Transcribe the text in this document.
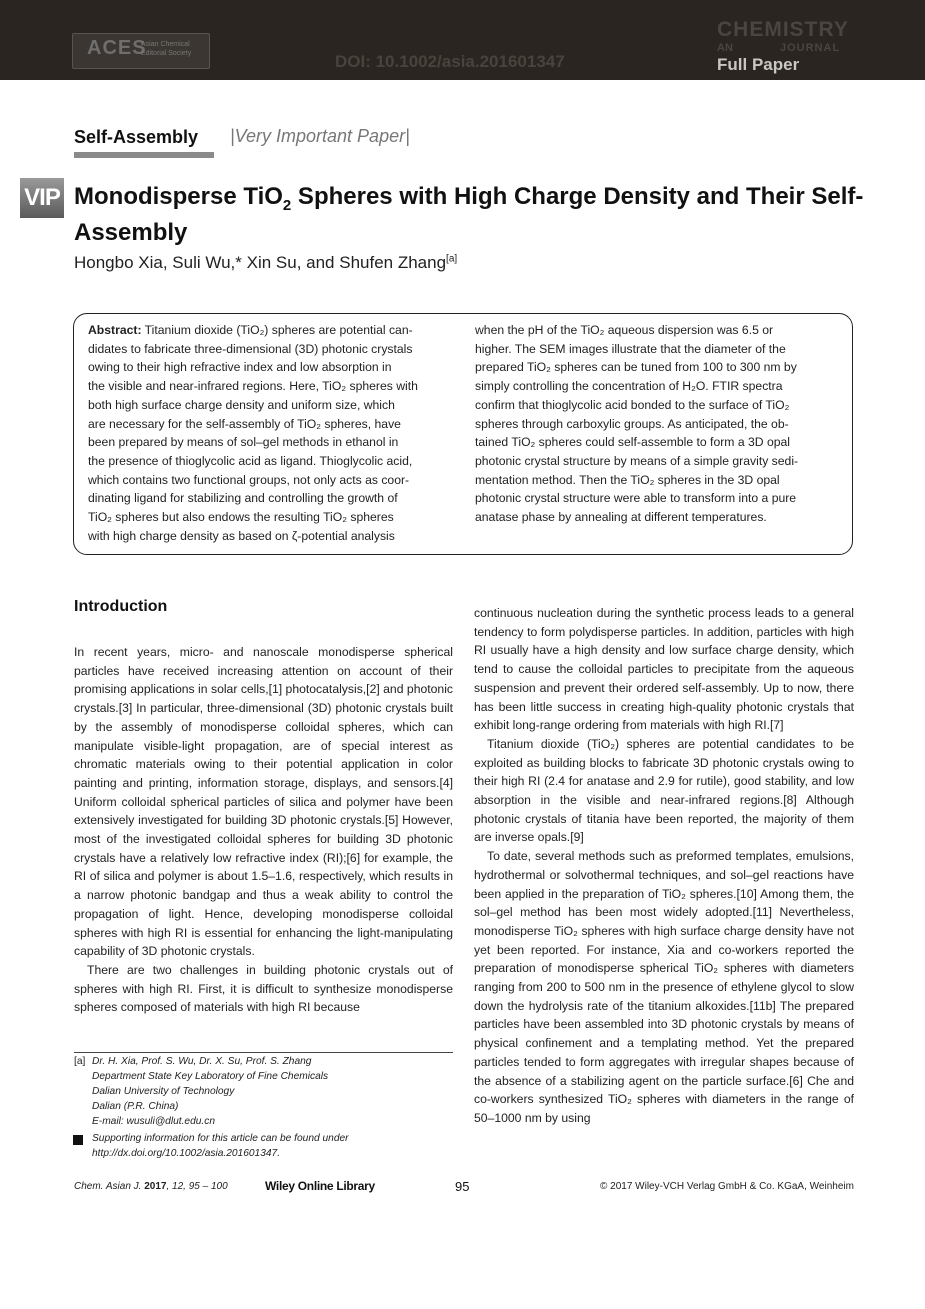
ACES
Asian Chemical Editorial Society	DOI: 10.1002/asia.201601347
CHEMISTRY
AN	JOURNAL
Full Paper
Self-Assembly |Very Important Paper|
VIP Monodisperse TiO$_2$ Spheres with High Charge Density and Their Self-Assembly
Hongbo Xia, Suli Wu,* Xin Su, and Shufen Zhang[a]
Abstract: Titanium dioxide (TiO₂) spheres are potential can-
didates to fabricate three-dimensional (3D) photonic crystals
owing to their high refractive index and low absorption in
the visible and near-infrared regions. Here, TiO₂ spheres with
both high surface charge density and uniform size, which
are necessary for the self-assembly of TiO₂ spheres, have
been prepared by means of sol–gel methods in ethanol in
the presence of thioglycolic acid as ligand. Thioglycolic acid,
which contains two functional groups, not only acts as coor-
dinating ligand for stabilizing and controlling the growth of
TiO₂ spheres but also endows the resulting TiO₂ spheres
with high charge density as based on ζ-potential analysis
when the pH of the TiO₂ aqueous dispersion was 6.5 or
higher. The SEM images illustrate that the diameter of the
prepared TiO₂ spheres can be tuned from 100 to 300 nm by
simply controlling the concentration of H₂O. FTIR spectra
confirm that thioglycolic acid bonded to the surface of TiO₂
spheres through carboxylic groups. As anticipated, the ob-
tained TiO₂ spheres could self-assemble to form a 3D opal
photonic crystal structure by means of a simple gravity sedi-
mentation method. Then the TiO₂ spheres in the 3D opal
photonic crystal structure were able to transform into a pure
anatase phase by annealing at different temperatures.
Introduction

In recent years, micro- and nanoscale monodisperse spherical particles have received increasing attention on account of their promising applications in solar cells,[1] photocatalysis,[2] and photonic crystals.[3] In particular, three-dimensional (3D) photonic crystals built by the assembly of monodisperse colloidal spheres, which can manipulate visible-light propagation, are of special interest as chromatic materials owing to their potential application in color painting and printing, information storage, displays, and sensors.[4] Uniform colloidal spherical particles of silica and polymer have been extensively investigated for building 3D photonic crystals.[5] However, most of the investigated colloidal spheres for building 3D photonic crystals have a relatively low refractive index (RI);[6] for example, the RI of silica and polymer is about 1.5–1.6, respectively, which results in a narrow photonic bandgap and thus a weak ability to control the propagation of light. Hence, developing monodisperse colloidal spheres with high RI is essential for enhancing the light-manipulating capability of 3D photonic crystals.

There are two challenges in building photonic crystals out of spheres with high RI. First, it is difficult to synthesize monodisperse spheres composed of materials with high RI because

continuous nucleation during the synthetic process leads to a general tendency to form polydisperse particles. In addition, particles with high RI usually have a high density and low surface charge density, which tend to cause the colloidal particles to precipitate from the aqueous suspension and prevent their ordered self-assembly. Up to now, there has been little success in creating high-quality photonic crystals that exhibit long-range ordering from materials with high RI.[7]

Titanium dioxide (TiO₂) spheres are potential candidates to be exploited as building blocks to fabricate 3D photonic crystals owing to their high RI (2.4 for anatase and 2.9 for rutile), good stability, and low absorption in the visible and near-infrared regions.[8] Although photonic crystals of titania have been reported, the majority of them are inverse opals.[9]

To date, several methods such as preformed templates, emulsions, hydrothermal or solvothermal techniques, and sol–gel reactions have been applied in the preparation of TiO₂ spheres.[10] Among them, the sol–gel method has been most widely adopted.[11] Nevertheless, monodisperse TiO₂ spheres with high surface charge density have not yet been reported. For instance, Xia and co-workers reported the preparation of monodisperse spherical TiO₂ spheres with diameters ranging from 200 to 500 nm in the presence of ethylene glycol to slow down the hydrolysis rate of the titanium alkoxides.[11b] The prepared particles have been assembled into 3D photonic crystals by means of physical confinement and a templating method. Yet the prepared particles tended to form aggregates with irregular shapes because of the absence of a stabilizing agent on the particle surface.[6] Che and co-workers synthesized TiO₂ spheres with diameters in the range of 50–1000 nm by using

[a] Dr. H. Xia, Prof. S. Wu, Dr. X. Su, Prof. S. Zhang
Department State Key Laboratory of Fine Chemicals
Dalian University of Technology
Dalian (P.R. China)
E-mail: wusuli@dlut.edu.cn
Supporting information for this article can be found under http://dx.doi.org/10.1002/asia.201601347.
Chem. Asian J. 2017, 12, 95 – 100	Wiley Online Library	95	© 2017 Wiley-VCH Verlag GmbH & Co. KGaA, Weinheim
